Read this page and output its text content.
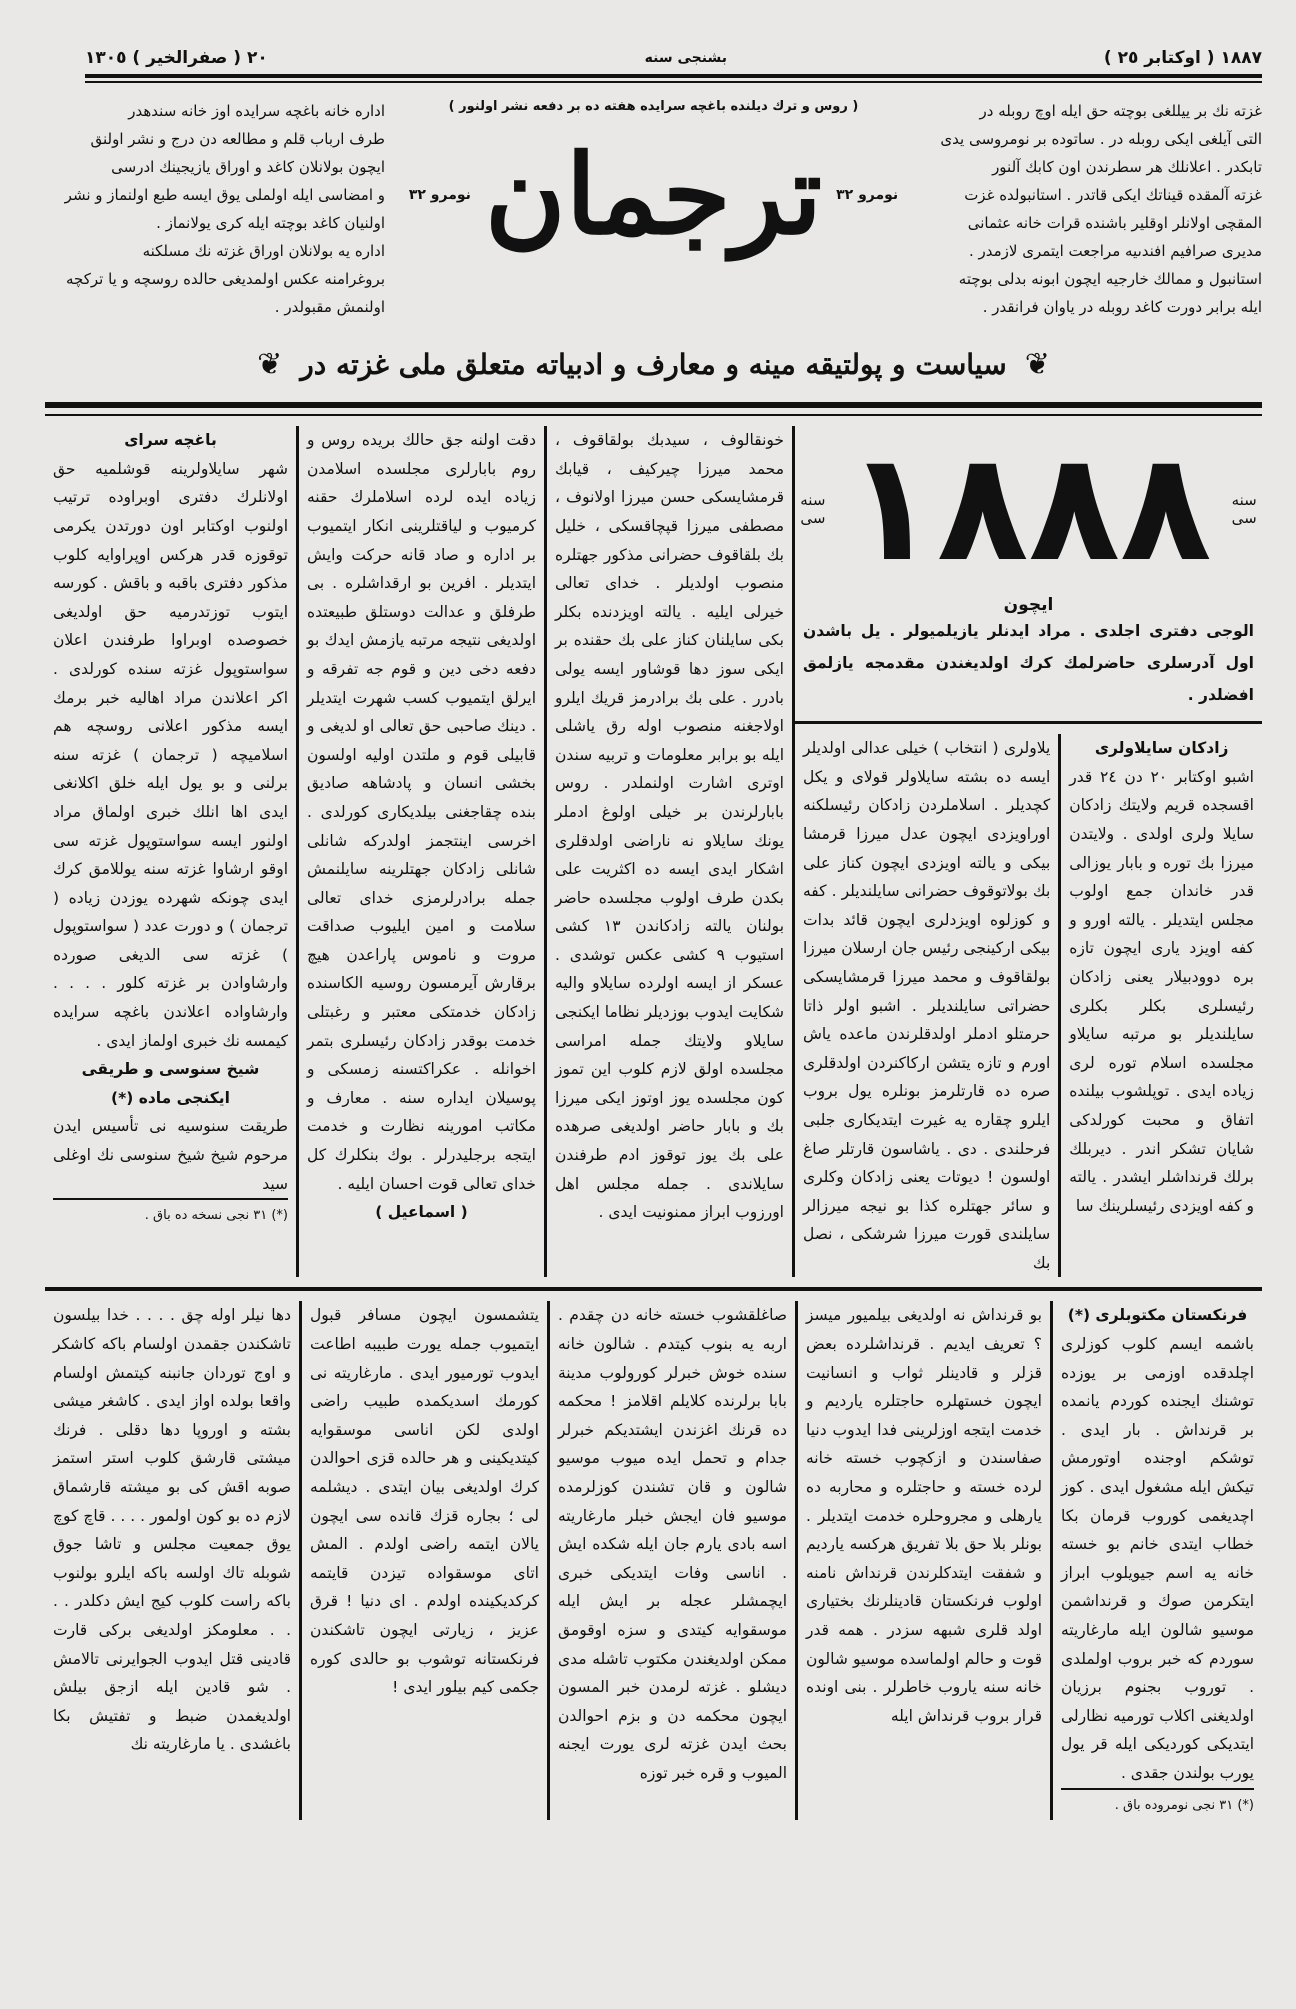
١٨٨٧ ( اوكتابر ٢٥ )
بشنجى سنه
٢٠ ( صفرالخير ) ١٣٠٥
غزته نك بر ييللغى بوچته حق ايله اوچ روبله در
التى آيلغى ايكى روبله در . ساتوده بر نومروسى يدى
تابكدر . اعلانلك هر سطرندن اون كابك آلنور
غزته آلمقده قيناتك ايكى قاتدر . استانبولده غزت
المقچى اولانلر اوقلير باشنده قرات خانه عثمانى
مديرى صرافيم افندىيه مراجعت ايتمرى لازمدر .
استانبول و ممالك خارجيه ايچون ابونه بدلى بوچته
ايله برابر دورت كاغد روبله در ياوان فرانقدر .
( روس و ترك ديلنده باغچه سرايده هفته ده بر دفعه نشر اولنور )
نومرو ٣٢
ترجمان
نومرو ٣٢
اداره خانه باغچه سرايده اوز خانه سندهدر
طرف ارباب قلم و مطالعه دن درج و نشر اولنق
ايچون بولانلان كاغد و اوراق يازيجينك ادرسى
و امضاسى ايله اولملى يوق ايسه طبع اولنماز و نشر
اولنيان كاغد بوچته ايله كرى يولانماز .
اداره يه بولانلان اوراق غزته نك مسلكنه
بروغرامنه عكس اولمديغى حالده روسچه و يا تركچه
اولنمش مقبولدر .
❦
سياست و پولتيقه مينه و معارف و ادبياته متعلق ملى غزته در
❦
سنه سى
١٨٨٨
سنه سى
ايچون
الوجى دفترى اجلدى . مراد ايدنلر يازيلميولر . يل باشدن اول آدرسلرى حاضرلمك كرك اولديغندن مقدمجه يازلمق افضلدر .

زادكان سايلاولرى

اشبو اوكتابر ٢٠ دن ٢٤ قدر اقسجده قريم ولايتك زادكان سايلا ولرى اولدى . ولايتدن ميرزا بك توره و بابار يوزالى قدر خاندان جمع اولوب مجلس ايتديلر . يالته اورو و كفه اويزد يارى ايچون تازه بره دوودبيلار يعنى زادكان رئيسلرى بكلر بكلرى سايلنديلر بو مرتبه سايلاو مجلسده اسلام توره لرى زياده ايدى . توپلشوب بيلنده اتفاق و محبت كورلدكى شايان تشكر اندر . ديربلك برلك قرنداشلر ايشدر . يالته و كفه اويزدى رئيسلرينك سا

يلاولرى ( انتخاب ) خيلى عدالى اولديلر ايسه ده بشته سايلاولر قولاى و يكل كچديلر . اسلاملردن زادكان رئيسلكنه اوراويزدى ايچون عدل ميرزا قرمشا بيكى و يالته اويزدى ايچون كناز على بك بولاتوقوف حضرانى سايلنديلر . كفه و كوزلوه اويزدلرى ايچون قائد بدات بيكى اركينجى رئيس جان ارسلان ميرزا بولقاقوف و محمد ميرزا قرمشايسكى حضراتى سايلنديلر . اشبو اولر ذاتا حرمتلو ادملر اولدقلرندن ماعده ياش اورم و تازه يتشن اركاكنردن اولدقلرى صره ده قارتلرمز بونلره يول بروب ايلرو چقاره يه غيرت ايتديكارى جلبى فرحلندى . دى . ياشاسون قارتلر صاغ اولسون ! ديوتات يعنى زادكان وكلرى و سائر جهتلره كذا بو نيجه ميرزالر سايلندى قورت ميرزا شرشكى ، نصل بك
خونقالوف ، سيدبك بولقاقوف ، محمد ميرزا چيركيف ، قيابك قرمشايسكى حسن ميرزا اولانوف ، مصطفى ميرزا قپچاقسكى ، خليل بك بلقاقوف حضرانى مذكور جهتلره منصوب اولديلر . خداى تعالى خيرلى ايليه . يالته اويزدنده بكلر بكى سايلنان كناز على بك حقنده بر ايكى سوز دها قوشاور ايسه يولى بادرر . على بك برادرمز قريك ايلرو اولاجغنه منصوب اوله رق ياشلى ايله بو برابر معلومات و تربيه سندن اوترى اشارت اولنملدر . روس بابارلرندن بر خيلى اولوغ ادملر يونك سايلاو نه ناراضى اولدقلرى اشكار ايدى ايسه ده اكثريت على بكدن طرف اولوب مجلسده حاضر بولنان يالته زادكاندن ١٣ كشى استيوب ٩ كشى عكس توشدى . عسكر از ايسه اولرده سايلاو واليه شكايت ايدوب بوزديلر نظاما ايكنجى سايلاو ولايتك جمله امراسى مجلسده اولق لازم كلوب اين تموز كون مجلسده يوز اوتوز ايكى ميرزا بك و بابار حاضر اولديغى صرهده على بك يوز توقوز ادم طرفندن سايلاندى . جمله مجلس اهل اورزوب ابراز ممنونيت ايدى .

دقت اولنه جق حالك بريده روس و روم بابارلرى مجلسده اسلامدن زياده ايده لرده اسلاملرك حقنه كرميوب و لياقتلرينى انكار ايتميوب بر اداره و صاد قانه حركت وايش ايتديلر . افرين بو ارقداشلره . بى طرفلق و عدالت دوستلق طبيعتده اولديغى نتيجه مرتبه يازمش ايدك بو دفعه دخى دين و قوم جه تفرقه و ايرلق ايتميوب كسب شهرت ايتديلر . دينك صاحبى حق تعالى او لديغى و قابيلى قوم و ملتدن اوليه اولسون بخشى انسان و پادشاهه صاديق بنده چقاجغنى بيلديكارى كورلدى . اخرسى اينتجمز اولدركه شانلى شانلى زادكان جهتلرينه سايلنمش جمله برادرلرمزى خداى تعالى سلامت و امين ايليوب صداقت مروت و ناموس پاراعدن هيچ برقارش آيرمسون روسيه الكاسنده زادكان خدمتكى معتبر و رغبتلى خدمت بوقدر زادكان رئيسلرى بتمر اخوانله . عكراكتسنه زمسكى و پوسيلان ايداره سنه . معارف و مكاتب امورينه نظارت و خدمت ايتجه برجليدرلر . بوك بنكلرك كل خداى تعالى قوت احسان ايليه .

( اسماعيل )

باغچه سراى

شهر سايلاولرينه قوشلميه حق اولانلرك دفترى اوبراوده ترتيب اولنوب اوكتابر اون دورتدن يكرمى توقوزه قدر هركس اوپراوايه كلوب مذكور دفترى باقبه و باقش . كورسه ايتوب توزتدرميه حق اولديغى خصوصده اوبراوا طرفندن اعلان سواستوپول غزته سنده كورلدى . اكر اعلاندن مراد اهاليه خبر برمك ايسه مذكور اعلانى روسچه هم اسلاميچه ( ترجمان ) غزته سنه برلنى و بو يول ايله خلق اكلانغى ايدى اها انلك خبرى اولماق مراد اولنور ايسه سواستوپول غزته سى اوقو ارشاوا غزته سنه يوللامق كرك ايدى چونكه شهرده يوزدن زياده ( ترجمان ) و دورت عدد ( سواستوپول ) غزته سى الديغى صورده وارشاوادن بر غزته كلور . . . . وارشاواده اعلاندن باغچه سرايده كيمسه نك خبرى اولماز ايدى .

شيخ سنوسى و طريقى

ايكنجى ماده (*)

طريقت سنوسيه نى تأسيس ايدن مرحوم شيخ شيخ سنوسى نك اوغلى سيد

(*) ٣١ نجى نسخه ده باق .

فرنكستان مكتوبلرى (*)

باشمه ايسم كلوب كوزلرى اچلدقده اوزمى بر يوزده توشنك ايجنده كوردم يانمده بر قرنداش . بار ايدى . توشكم اوجنده اوتورمش تيكش ايله مشغول ايدى . كوز اچديغمى كوروب قرمان بكا خطاب ايتدى خانم بو خسته خانه يه اسم جيويلوب ابراز ايتكرمن صوك و قرنداشمن موسيو شالون ايله مارغاريته سوردم كه خبر بروب اولملدى . توروب بجنوم برزيان اولديغنى اكلاب تورميه نظارلى ايتديكى كورديكى ايله قر يول يورب بولندن جقدى .

(*) ٣١ نجى نومروده باق .

بو قرنداش نه اولديغى بيلميور ميسز ؟ تعريف ايديم . قرنداشلرده بعض قزلر و قادينلر ثواب و انسانيت ايچون خستهلره حاجتلره يارديم و خدمت ايتجه اوزلرينى فدا ايدوب دنيا صفاسندن و ازكچوب خسته خانه لرده خسته و حاجتلره و محاربه ده يارهلى و مجروحلره خدمت ايتديلر . بونلر بلا حق بلا تفريق هركسه يارديم و شفقت ايتدكلرندن قرنداش نامنه اولوب فرنكستان قادينلرنك بختيارى اولد قلرى شبهه سزدر . همه قدر قوت و حالم اولماسده موسيو شالون خانه سنه ياروب خاطرلر . بنى اونده قرار بروب قرنداش ايله
صاغلقشوب خسته خانه دن چقدم . اربه يه بنوب كيتدم . شالون خانه سنده خوش خبرلر كورولوب مدينة بابا برلرنده كلايلم اقلامز ! محكمه ده قرنك اغزندن ايشتديكم خبرلر جدام و تحمل ايده ميوب موسيو شالون و قان تشندن كوزلرمده موسيو فان ايجش خبلر مارغاريته اسه بادى يارم جان ايله شكده ايش . اناسى وفات ايتديكى خبرى ايچمشلر عجله بر ايش ايله موسقوايه كيتدى و سزه اوقومق ممكن اولديغندن مكتوب تاشله مدى ديشلو . غزته لرمدن خبر المسون ايچون محكمه دن و بزم احوالدن بحث ايدن غزته لرى يورت ايجنه الميوب و قره خبر توزه
يتشمسون ايچون مسافر قبول ايتميوب جمله يورت طبيبه اطاعت ايدوب تورميور ايدى . مارغاريته نى كورمك اسديكمده طبيب راضى اولدى لكن اناسى موسقوايه كيتديكينى و هر حالده قزى احوالدن كرك اولديغى بيان ايتدى . ديشلمه لى ؛ بجاره قزك قانده سى ايچون يالان ايتمه راضى اولدم . المش اتاى موسقواده تيزدن قايتمه كركديكينده اولدم . اى دنيا ! قرق عزيز ، زيارتى ايچون تاشكندن فرنكستانه توشوب بو حالدى كوره جكمى كيم بيلور ايدى !
دها نيلر اوله چق . . . . خدا بيلسون تاشكندن جقمدن اولسام باكه كاشكر و اوج توردان جانبنه كيتمش اولسام واقعا بولده اواز ايدى . كاشغر ميشى بشته و اوروپا دها دقلى . فرنك ميشتى قارشق كلوب استر استمز صوبه اقش كى بو ميشته قارشماق لازم ده بو كون اولمور . . . . قاچ كوچ يوق جمعيت مجلس و تاشا جوق شوبله تاك اولسه باكه ايلرو بولنوب باكه راست كلوب كيج ايش دكلدر . . . . معلومكز اولديغى بركى قارت قادينى قتل ايدوب الجوايرنى تالامش . شو قادين ايله ازجق بيلش اولديغمدن ضبط و تفتيش بكا باغشدى . يا مارغاريته نك
